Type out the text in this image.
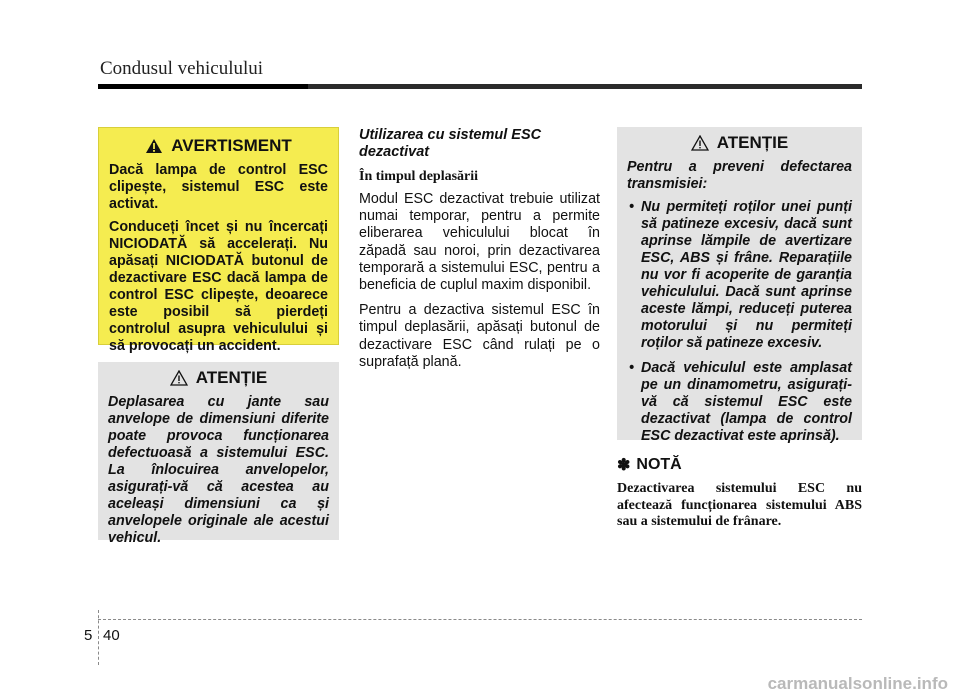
Condusul vehiculului
AVERTISMENT

Dacă lampa de control ESC clipește, sistemul ESC este activat.

Conduceți încet și nu încercați NICIODATĂ să accelerați. Nu apăsați NICIODATĂ butonul de dezactivare ESC dacă lampa de control ESC clipește, deoarece este posibil să pierdeți controlul asupra vehiculului și să provocați un accident.

ATENȚIE

Deplasarea cu jante sau anvelope de dimensiuni diferite poate provoca funcționarea defectuoasă a sistemului ESC. La înlocuirea anvelopelor, asigurați-vă că acestea au aceleași dimensiuni ca și anvelopele originale ale acestui vehicul.

Utilizarea cu sistemul ESC dezactivat

În timpul deplasării

Modul ESC dezactivat trebuie utilizat numai temporar, pentru a permite eliberarea vehiculului blocat în zăpadă sau noroi, prin dezactivarea temporară a sistemului ESC, pentru a beneficia de cuplul maxim disponibil.

Pentru a dezactiva sistemul ESC în timpul deplasării, apăsați butonul de dezactivare ESC când rulați pe o suprafață plană.

ATENȚIE

Pentru a preveni defectarea transmisiei:

• Nu permiteți roților unei punți să patineze excesiv, dacă sunt aprinse lămpile de avertizare ESC, ABS și frâne. Reparațiile nu vor fi acoperite de garanția vehiculului. Dacă sunt aprinse aceste lămpi, reduceți puterea motorului și nu permiteți roților să patineze excesiv.
• Dacă vehiculul este amplasat pe un dinamometru, asigurați-vă că sistemul ESC este dezactivat (lampa de control ESC dezactivat este aprinsă).
✽ NOTĂ

Dezactivarea sistemului ESC nu afectează funcționarea sistemului ABS sau a sistemului de frânare.

5 40
carmanualsonline.info
